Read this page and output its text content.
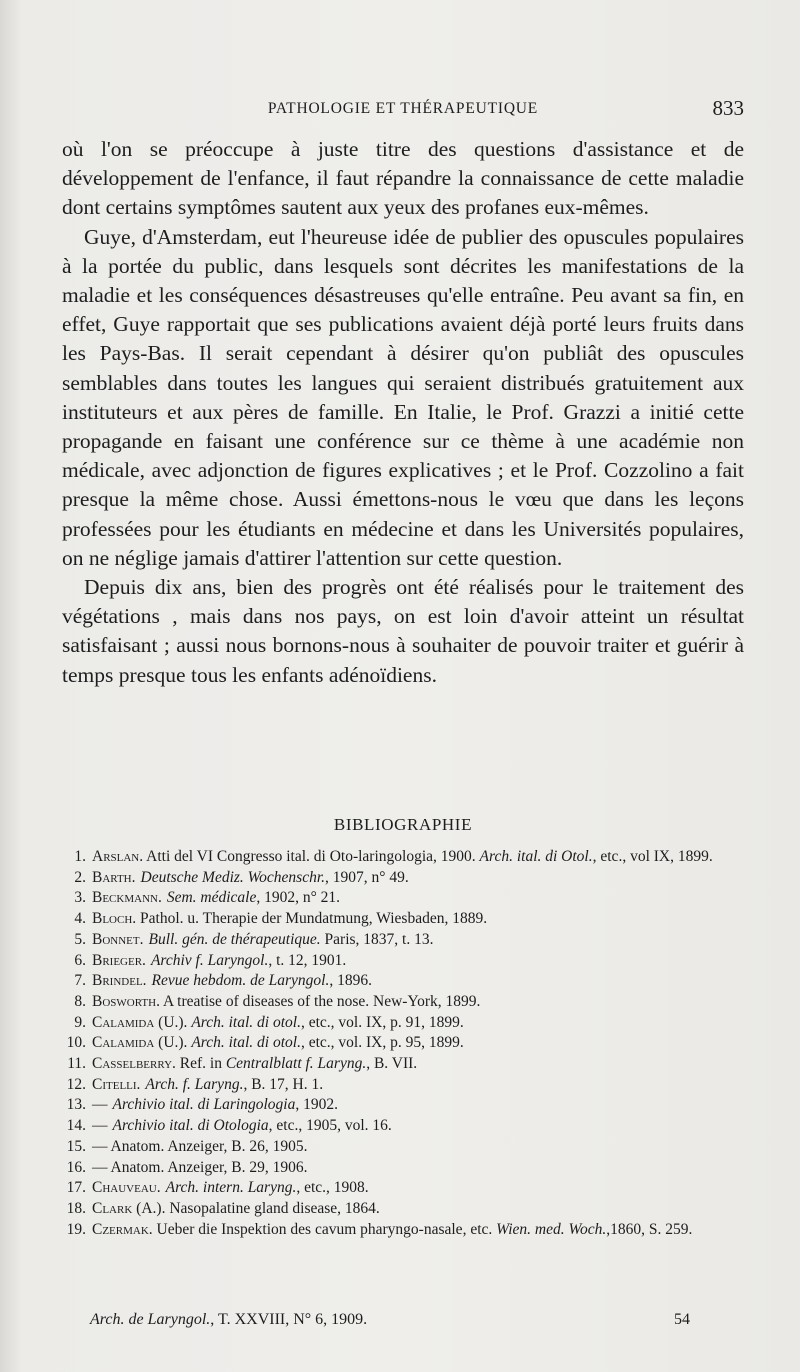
PATHOLOGIE ET THÉRAPEUTIQUE	833

où l'on se préoccupe à juste titre des questions d'assistance et de développement de l'enfance, il faut répandre la connaissance de cette maladie dont certains symptômes sautent aux yeux des profanes eux-mêmes.

Guye, d'Amsterdam, eut l'heureuse idée de publier des opuscules populaires à la portée du public, dans lesquels sont décrites les manifestations de la maladie et les conséquences désastreuses qu'elle entraîne. Peu avant sa fin, en effet, Guye rapportait que ses publications avaient déjà porté leurs fruits dans les Pays-Bas. Il serait cependant à désirer qu'on publiât des opuscules semblables dans toutes les langues qui seraient distribués gratuitement aux instituteurs et aux pères de famille. En Italie, le Prof. Grazzi a initié cette propagande en faisant une conférence sur ce thème à une académie non médicale, avec adjonction de figures explicatives ; et le Prof. Cozzolino a fait presque la même chose. Aussi émettons-nous le vœu que dans les leçons professées pour les étudiants en médecine et dans les Universités populaires, on ne néglige jamais d'attirer l'attention sur cette question.

Depuis dix ans, bien des progrès ont été réalisés pour le traitement des végétations , mais dans nos pays, on est loin d'avoir atteint un résultat satisfaisant ; aussi nous bornons-nous à souhaiter de pouvoir traiter et guérir à temps presque tous les enfants adénoïdiens.

BIBLIOGRAPHIE
1. Arslan. Atti del VI Congresso ital. di Oto-laringologia, 1900. Arch. ital. di Otol., etc., vol IX, 1899.
2. Barth. Deutsche Mediz. Wochenschr., 1907, n° 49.
3. Beckmann. Sem. médicale, 1902, n° 21.
4. Bloch. Pathol. u. Therapie der Mundatmung, Wiesbaden, 1889.
5. Bonnet. Bull. gén. de thérapeutique. Paris, 1837, t. 13.
6. Brieger. Archiv f. Laryngol., t. 12, 1901.
7. Brindel. Revue hebdom. de Laryngol., 1896.
8. Bosworth. A treatise of diseases of the nose. New-York, 1899.
9. Calamida (U.). Arch. ital. di otol., etc., vol. IX, p. 91, 1899.
10. Calamida (U.). Arch. ital. di otol., etc., vol. IX, p. 95, 1899.
11. Casselberry. Ref. in Centralblatt f. Laryng., B. VII.
12. Citelli. Arch. f. Laryng., B. 17, H. 1.
13. — Archivio ital. di Laringologia, 1902.
14. — Archivio ital. di Otologia, etc., 1905, vol. 16.
15. — Anatom. Anzeiger, B. 26, 1905.
16. — Anatom. Anzeiger, B. 29, 1906.
17. Chauveau. Arch. intern. Laryng., etc., 1908.
18. Clark (A.). Nasopalatine gland disease, 1864.
19. Czermak. Ueber die Inspektion des cavum pharyngo-nasale, etc. Wien. med. Woch.,1860, S. 259.
Arch. de Laryngol., T. XXVIII, N° 6, 1909.	54
